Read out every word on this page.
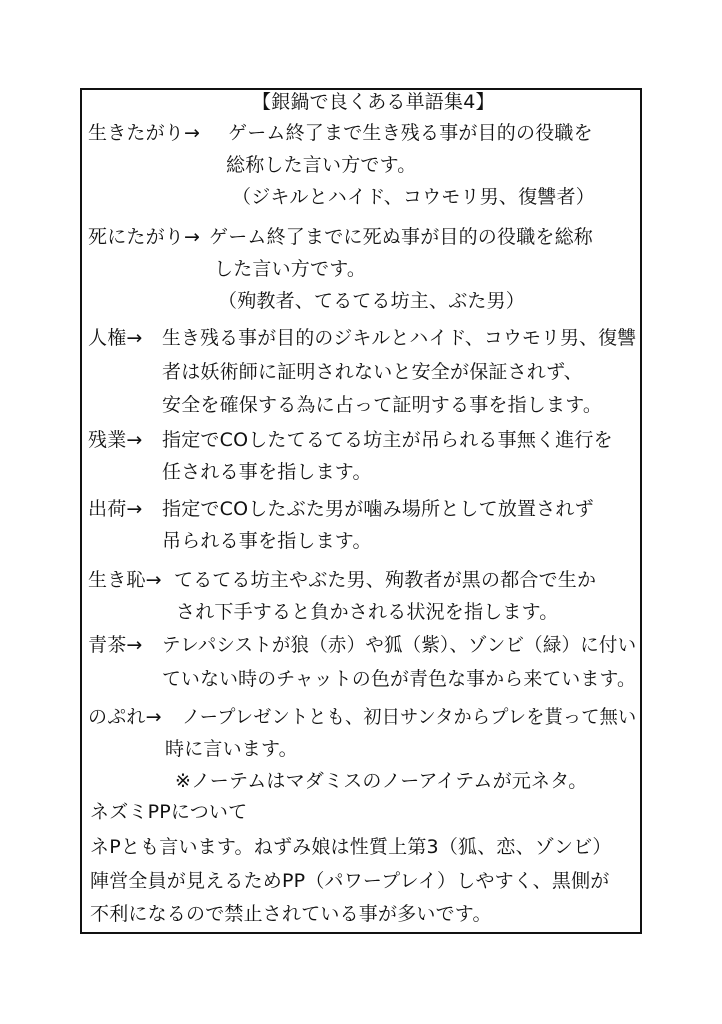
【銀鍋で良くある単語集4】
生きたがり→ ゲーム終了まで生き残る事が目的の役職を
総称した言い方です。
（ジキルとハイド、コウモリ男、復讐者）
死にたがり→ ゲーム終了までに死ぬ事が目的の役職を総称
した言い方です。
（殉教者、てるてる坊主、ぶた男）
人権→ 生き残る事が目的のジキルとハイド、コウモリ男、復讐
者は妖術師に証明されないと安全が保証されず、
安全を確保する為に占って証明する事を指します。
残業→ 指定でCOしたてるてる坊主が吊られる事無く進行を
任される事を指します。
出荷→ 指定でCOしたぶた男が噛み場所として放置されず
吊られる事を指します。
生き恥→ てるてる坊主やぶた男、殉教者が黒の都合で生か
され下手すると負かされる状況を指します。
青茶→ テレパシストが狼（赤）や狐（紫）、ゾンビ（緑）に付い
ていない時のチャットの色が青色な事から来ています。
のぷれ→ ノープレゼントとも、初日サンタからプレを貰って無い
時に言います。
※ノーテムはマダミスのノーアイテムが元ネタ。
ネズミPPについて
ネPとも言います。ねずみ娘は性質上第3（狐、恋、ゾンビ）
陣営全員が見えるためPP（パワープレイ）しやすく、黒側が
不利になるので禁止されている事が多いです。
